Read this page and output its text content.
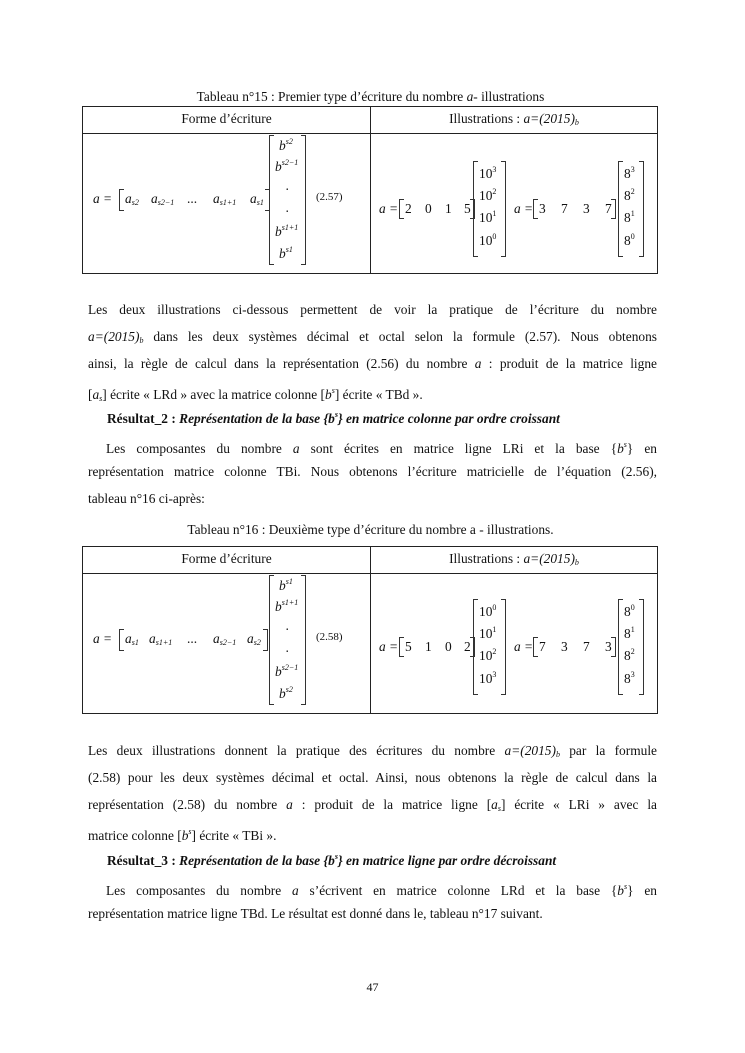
Tableau n°15 : Premier type d’écriture du nombre a- illustrations
Forme d’écriture	Illustrations : $a=(2015)_b$
$a = a_{s2}$ $a_{s2-1}$ ... $a_{s1+1}$ $a_{s1}$
$b^{s2}$
$b^{s2-1}$
·
·
$b^{s1+1}$
$b^{s1}$
(2.57)
a = 2 0 1 5
$10^3$
$10^2$
$10^1$
$10^0$
a = 3 7 3 7
$8^3$
$8^2$
$8^1$
$8^0$
Les deux illustrations ci-dessous permettent de voir la pratique de l’écriture du nombre
$a=(2015)_b$ dans les deux systèmes décimal et octal selon la formule (2.57). Nous obtenons
ainsi, la règle de calcul dans la représentation (2.56) du nombre a : produit de la matrice ligne
$[a_s]$ écrite « LRd » avec la matrice colonne $[b^s]$ écrite « TBd ».
Résultat_2 : Représentation de la base $\{b^s\}$ en matrice colonne par ordre croissant
Les composantes du nombre a sont écrites en matrice ligne LRi et la base $\{b^s\}$ en
représentation matrice colonne TBi. Nous obtenons l’écriture matricielle de l’équation (2.56),
tableau n°16 ci-après:
Tableau n°16 : Deuxième type d’écriture du nombre a - illustrations.
Forme d’écriture	Illustrations : $a=(2015)_b$
$a = a_{s1}$ $a_{s1+1}$ ... $a_{s2-1}$ $a_{s2}$
$b^{s1}$
$b^{s1+1}$
·
·
$b^{s2-1}$
$b^{s2}$
(2.58)
a = 5 1 0 2
$10^0$
$10^1$
$10^2$
$10^3$
a = 7 3 7 3
$8^0$
$8^1$
$8^2$
$8^3$
Les deux illustrations donnent la pratique des écritures du nombre $a=(2015)_b$ par la formule
(2.58) pour les deux systèmes décimal et octal. Ainsi, nous obtenons la règle de calcul dans la
représentation (2.58) du nombre a : produit de la matrice ligne $[a_s]$ écrite « LRi » avec la
matrice colonne $[b^s]$ écrite « TBi ».
Résultat_3 : Représentation de la base $\{b^s\}$ en matrice ligne par ordre décroissant
Les composantes du nombre a s’écrivent en matrice colonne LRd et la base $\{b^s\}$ en
représentation matrice ligne TBd. Le résultat est donné dans le, tableau n°17 suivant.
47
